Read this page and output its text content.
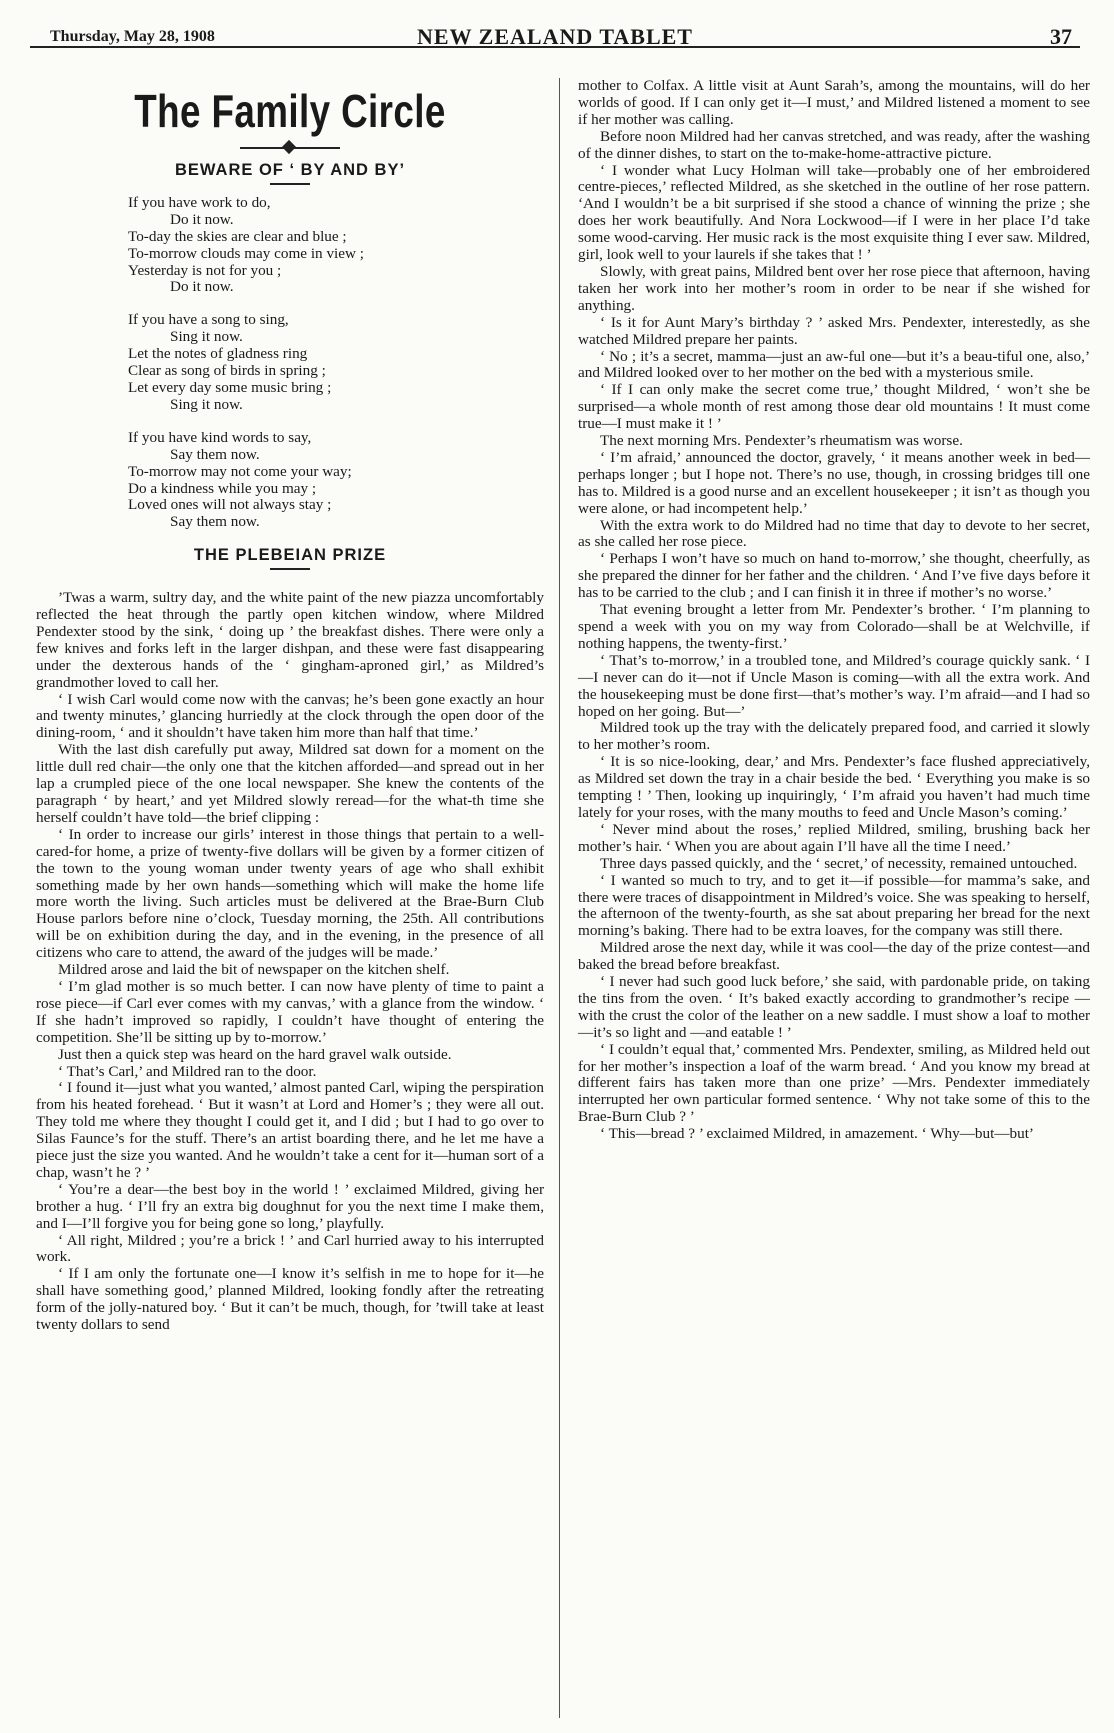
Thursday, May 28, 1908	NEW ZEALAND TABLET	37
The Family Circle
BEWARE OF ‘ BY AND BY’
If you have work to do,
Do it now.
To-day the skies are clear and blue ;
To-morrow clouds may come in view ;
Yesterday is not for you ;
Do it now.
If you have a song to sing,
Sing it now.
Let the notes of gladness ring
Clear as song of birds in spring ;
Let every day some music bring ;
Sing it now.
If you have kind words to say,
Say them now.
To-morrow may not come your way;
Do a kindness while you may ;
Loved ones will not always stay ;
Say them now.
THE PLEBEIAN PRIZE

’Twas a warm, sultry day, and the white paint of the new piazza uncomfortably reflected the heat through the partly open kitchen window, where Mildred Pendexter stood by the sink, ‘ doing up ’ the breakfast dishes. There were only a few knives and forks left in the larger dishpan, and these were fast disappearing under the dexterous hands of the ‘ gingham-aproned girl,’ as Mildred’s grandmother loved to call her.

‘ I wish Carl would come now with the canvas; he’s been gone exactly an hour and twenty minutes,’ glancing hurriedly at the clock through the open door of the dining-room, ‘ and it shouldn’t have taken him more than half that time.’

With the last dish carefully put away, Mildred sat down for a moment on the little dull red chair—the only one that the kitchen afforded—and spread out in her lap a crumpled piece of the one local newspaper. She knew the contents of the paragraph ‘ by heart,’ and yet Mildred slowly reread—for the what-th time she herself couldn’t have told—the brief clipping :

‘ In order to increase our girls’ interest in those things that pertain to a well-cared-for home, a prize of twenty-five dollars will be given by a former citizen of the town to the young woman under twenty years of age who shall exhibit something made by her own hands—something which will make the home life more worth the living. Such articles must be delivered at the Brae-Burn Club House parlors before nine o’clock, Tuesday morning, the 25th. All contributions will be on exhibition during the day, and in the evening, in the presence of all citizens who care to attend, the award of the judges will be made.’

Mildred arose and laid the bit of newspaper on the kitchen shelf.

‘ I’m glad mother is so much better. I can now have plenty of time to paint a rose piece—if Carl ever comes with my canvas,’ with a glance from the window. ‘ If she hadn’t improved so rapidly, I couldn’t have thought of entering the competition. She’ll be sitting up by to-morrow.’

Just then a quick step was heard on the hard gravel walk outside.

‘ That’s Carl,’ and Mildred ran to the door.

‘ I found it—just what you wanted,’ almost panted Carl, wiping the perspiration from his heated forehead. ‘ But it wasn’t at Lord and Homer’s ; they were all out. They told me where they thought I could get it, and I did ; but I had to go over to Silas Faunce’s for the stuff. There’s an artist boarding there, and he let me have a piece just the size you wanted. And he wouldn’t take a cent for it—human sort of a chap, wasn’t he ? ’

‘ You’re a dear—the best boy in the world ! ’ exclaimed Mildred, giving her brother a hug. ‘ I’ll fry an extra big doughnut for you the next time I make them, and I—I’ll forgive you for being gone so long,’ playfully.

‘ All right, Mildred ; you’re a brick ! ’ and Carl hurried away to his interrupted work.

‘ If I am only the fortunate one—I know it’s selfish in me to hope for it—he shall have something good,’ planned Mildred, looking fondly after the retreating form of the jolly-natured boy. ‘ But it can’t be much, though, for ’twill take at least twenty dollars to send

mother to Colfax. A little visit at Aunt Sarah’s, among the mountains, will do her worlds of good. If I can only get it—I must,’ and Mildred listened a moment to see if her mother was calling.

Before noon Mildred had her canvas stretched, and was ready, after the washing of the dinner dishes, to start on the to-make-home-attractive picture.

‘ I wonder what Lucy Holman will take—probably one of her embroidered centre-pieces,’ reflected Mildred, as she sketched in the outline of her rose pattern. ‘And I wouldn’t be a bit surprised if she stood a chance of winning the prize ; she does her work beautifully. And Nora Lockwood—if I were in her place I’d take some wood-carving. Her music rack is the most exquisite thing I ever saw. Mildred, girl, look well to your laurels if she takes that ! ’

Slowly, with great pains, Mildred bent over her rose piece that afternoon, having taken her work into her mother’s room in order to be near if she wished for anything.

‘ Is it for Aunt Mary’s birthday ? ’ asked Mrs. Pendexter, interestedly, as she watched Mildred prepare her paints.

‘ No ; it’s a secret, mamma—just an aw-ful one—but it’s a beau-tiful one, also,’ and Mildred looked over to her mother on the bed with a mysterious smile.

‘ If I can only make the secret come true,’ thought Mildred, ‘ won’t she be surprised—a whole month of rest among those dear old mountains ! It must come true—I must make it ! ’

The next morning Mrs. Pendexter’s rheumatism was worse.

‘ I’m afraid,’ announced the doctor, gravely, ‘ it means another week in bed—perhaps longer ; but I hope not. There’s no use, though, in crossing bridges till one has to. Mildred is a good nurse and an excellent housekeeper ; it isn’t as though you were alone, or had incompetent help.’

With the extra work to do Mildred had no time that day to devote to her secret, as she called her rose piece.

‘ Perhaps I won’t have so much on hand to-morrow,’ she thought, cheerfully, as she prepared the dinner for her father and the children. ‘ And I’ve five days before it has to be carried to the club ; and I can finish it in three if mother’s no worse.’

That evening brought a letter from Mr. Pendexter’s brother. ‘ I’m planning to spend a week with you on my way from Colorado—shall be at Welchville, if nothing happens, the twenty-first.’

‘ That’s to-morrow,’ in a troubled tone, and Mildred’s courage quickly sank. ‘ I—I never can do it—not if Uncle Mason is coming—with all the extra work. And the housekeeping must be done first—that’s mother’s way. I’m afraid—and I had so hoped on her going. But—’

Mildred took up the tray with the delicately prepared food, and carried it slowly to her mother’s room.

‘ It is so nice-looking, dear,’ and Mrs. Pendexter’s face flushed appreciatively, as Mildred set down the tray in a chair beside the bed. ‘ Everything you make is so tempting ! ’ Then, looking up inquiringly, ‘ I’m afraid you haven’t had much time lately for your roses, with the many mouths to feed and Uncle Mason’s coming.’

‘ Never mind about the roses,’ replied Mildred, smiling, brushing back her mother’s hair. ‘ When you are about again I’ll have all the time I need.’

Three days passed quickly, and the ‘ secret,’ of necessity, remained untouched.

‘ I wanted so much to try, and to get it—if possible—for mamma’s sake, and there were traces of disappointment in Mildred’s voice. She was speaking to herself, the afternoon of the twenty-fourth, as she sat about preparing her bread for the next morning’s baking. There had to be extra loaves, for the company was still there.

Mildred arose the next day, while it was cool—the day of the prize contest—and baked the bread before breakfast.

‘ I never had such good luck before,’ she said, with pardonable pride, on taking the tins from the oven. ‘ It’s baked exactly according to grandmother’s recipe —with the crust the color of the leather on a new saddle. I must show a loaf to mother—it’s so light and —and eatable ! ’

‘ I couldn’t equal that,’ commented Mrs. Pendexter, smiling, as Mildred held out for her mother’s inspection a loaf of the warm bread. ‘ And you know my bread at different fairs has taken more than one prize’ —Mrs. Pendexter immediately interrupted her own particular formed sentence. ‘ Why not take some of this to the Brae-Burn Club ? ’

‘ This—bread ? ’ exclaimed Mildred, in amazement. ‘ Why—but—but’
